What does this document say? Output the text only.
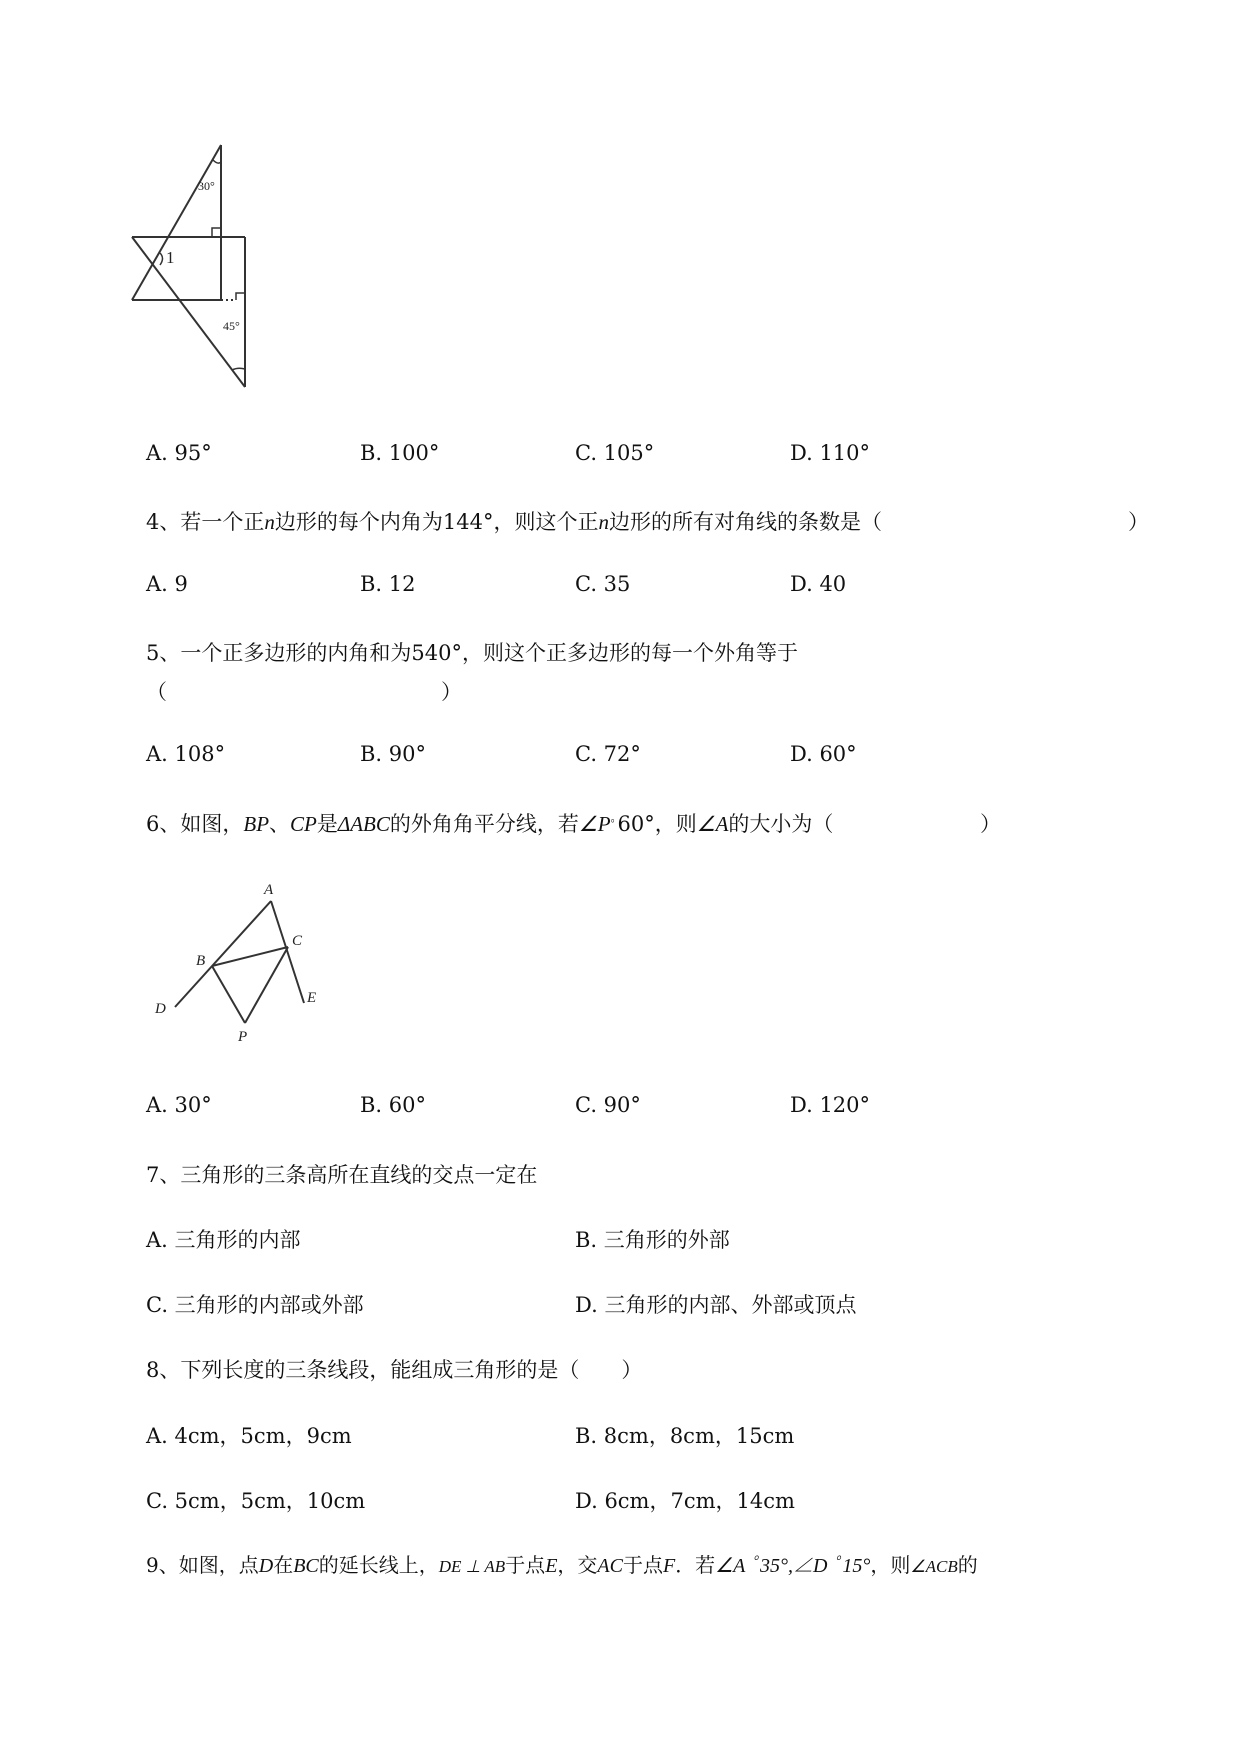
30°
1
45°
A. 95°	B. 100°	C. 105°	D. 110°
4、若一个正n边形的每个内角为144°，则这个正n边形的所有对角线的条数是（	）
A. 9	B. 12	C. 35	D. 40
5、一个正多边形的内角和为540°，则这个正多边形的每一个外角等于
（	）
A. 108°	B. 90°	C. 72°	D. 60°
6、如图，BP、CP是ΔABC的外角角平分线，若∠Pﾟ60°，则∠A的大小为（	）
A
B
C
D
E
P
A. 30°	B. 60°	C. 90°	D. 120°
7、三角形的三条高所在直线的交点一定在
A. 三角形的内部	B. 三角形的外部
C. 三角形的内部或外部	D. 三角形的内部、外部或顶点
8、下列长度的三条线段，能组成三角形的是（　　）
A. 4cm，5cm，9cm	B. 8cm，8cm，15cm
C. 5cm，5cm，10cm	D. 6cm，7cm，14cm
9、如图，点D在BC的延长线上，DE ⊥ AB于点E，交AC于点F．若∠A ﾟ35°,∠D ﾟ15°，则∠ACB的
